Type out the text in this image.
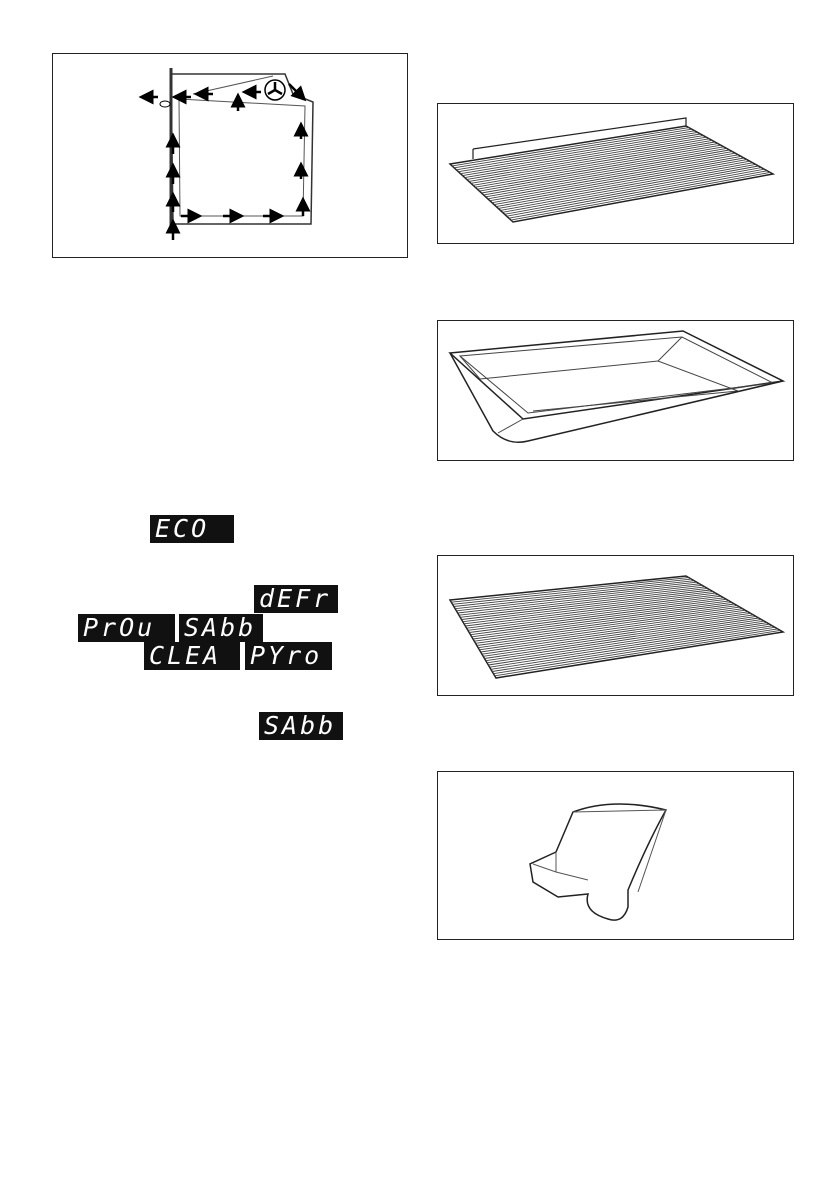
ECO
dEFr
PrOu	SAbb
CLEA	PYro
SAbb
